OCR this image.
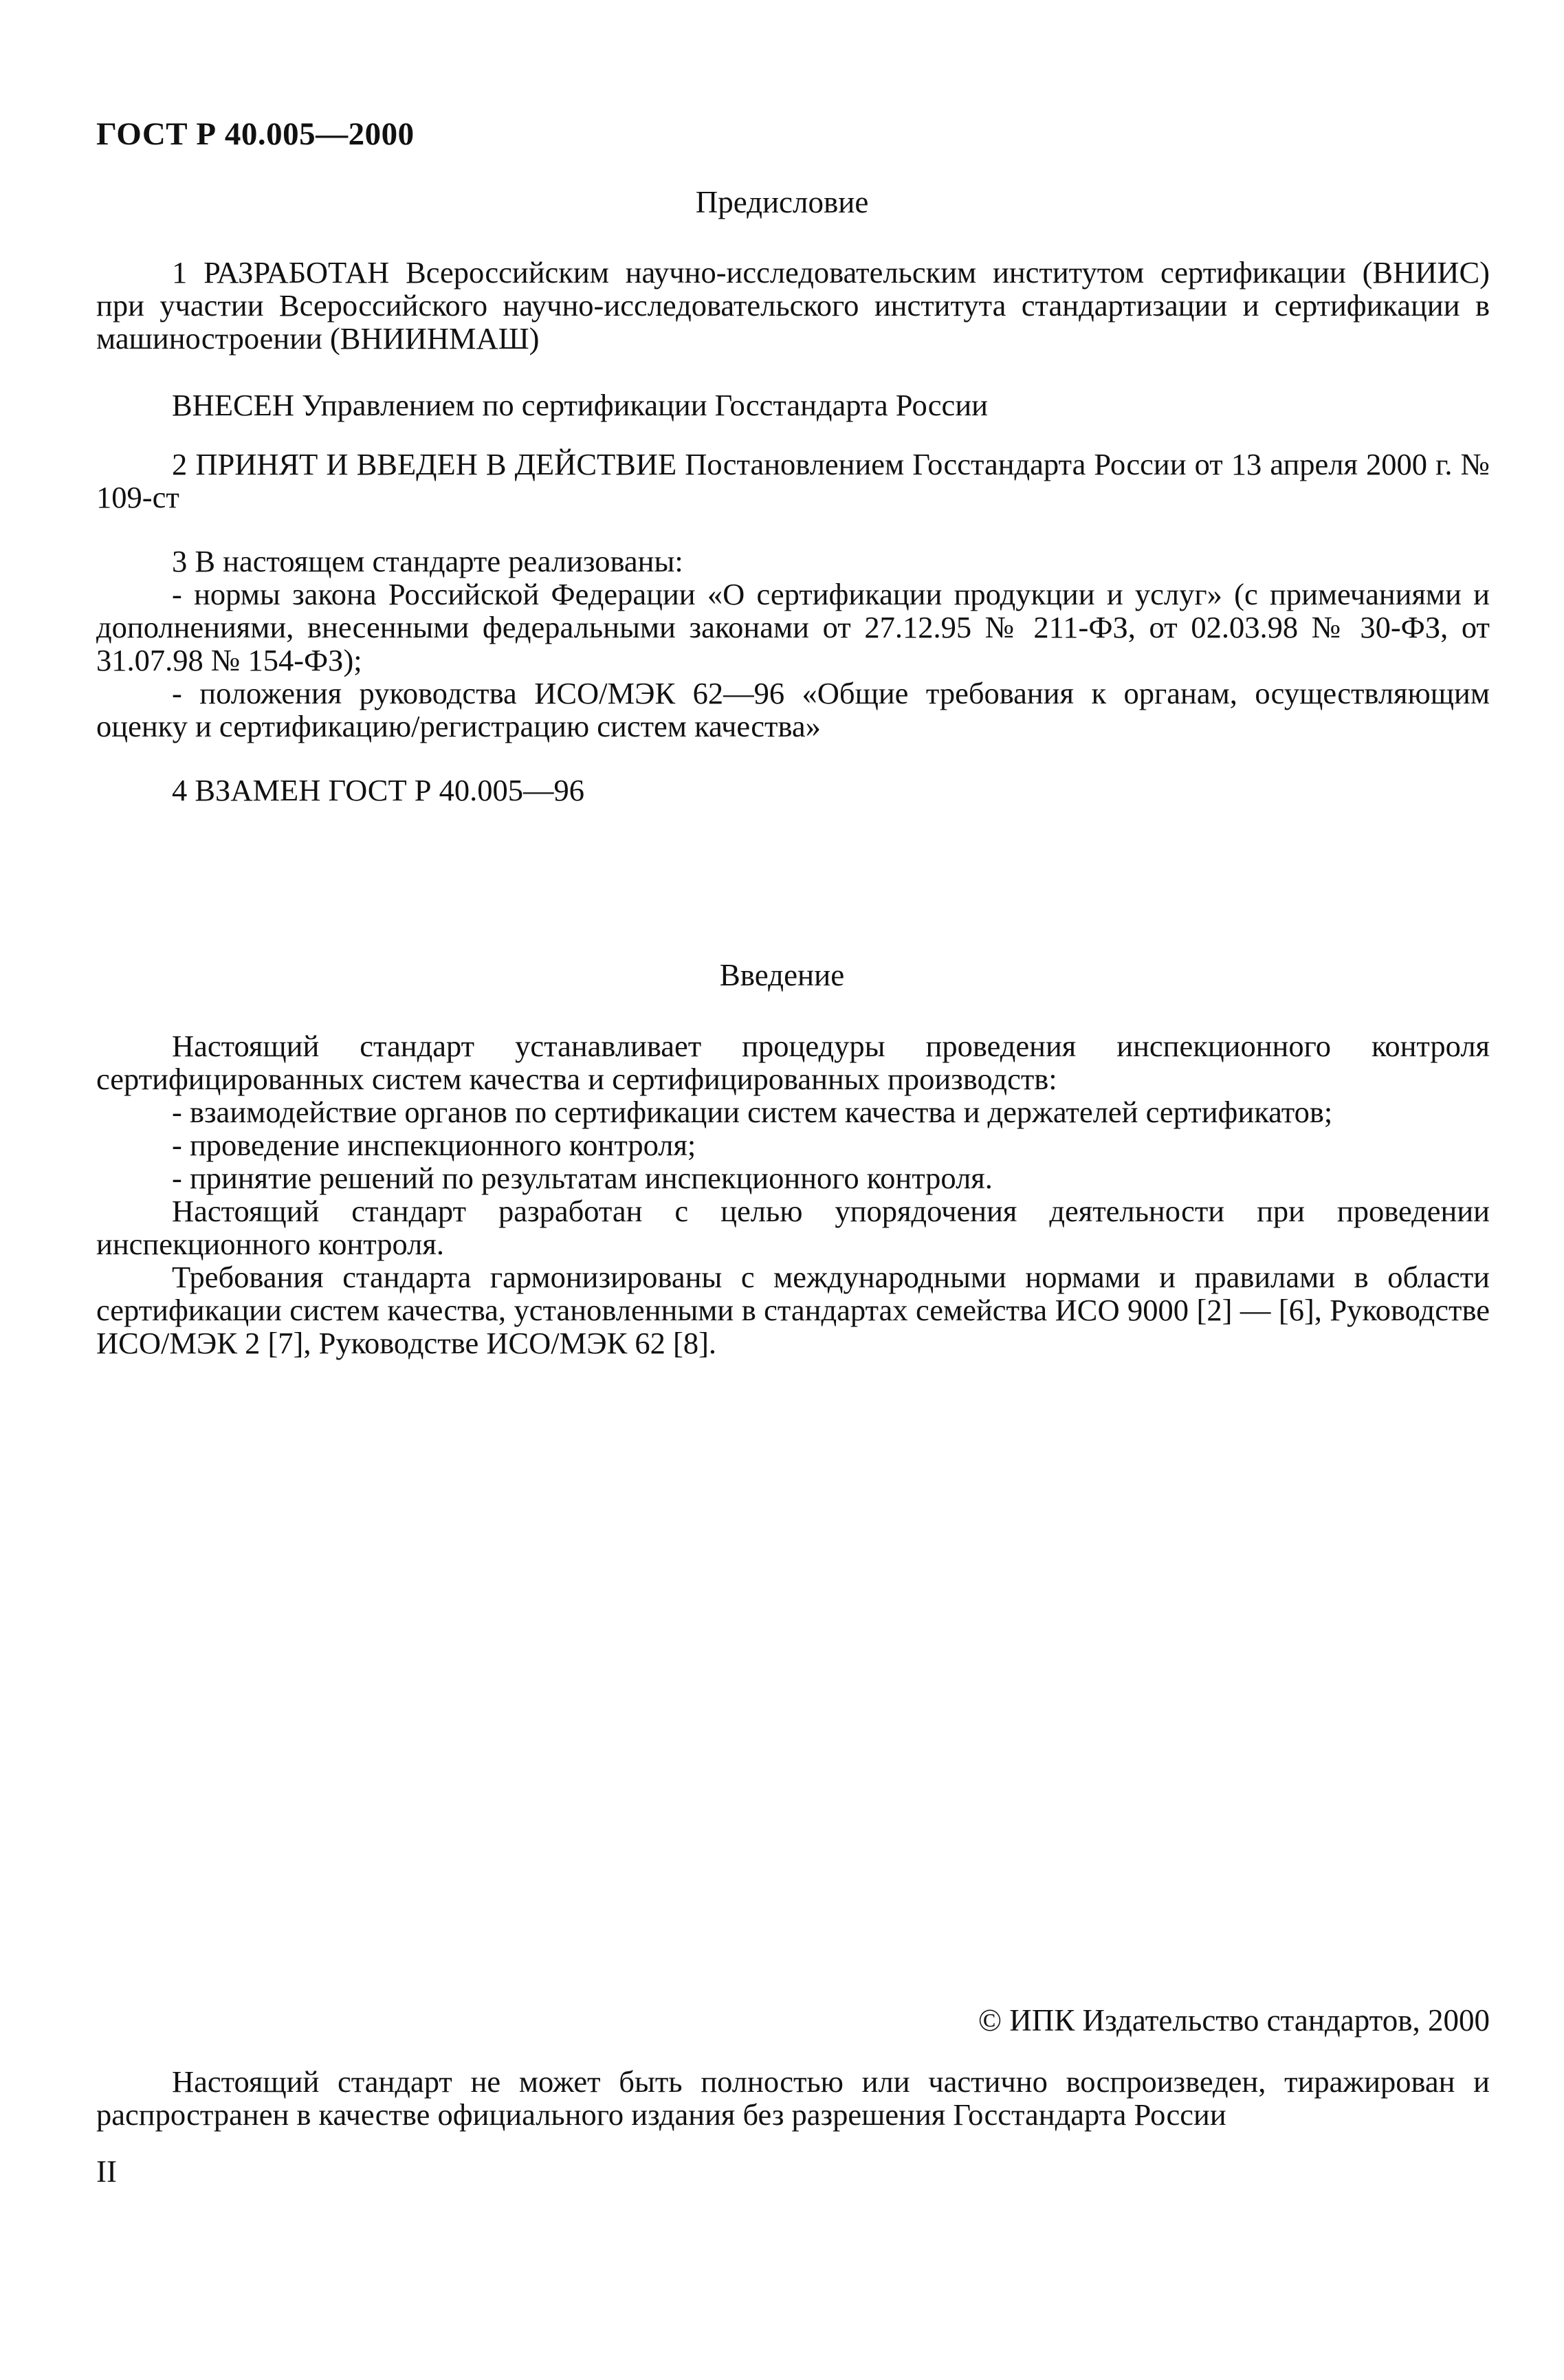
ГОСТ Р 40.005—2000
Предисловие

1 РАЗРАБОТАН Всероссийским научно-исследовательским институтом сертификации (ВНИИС) при участии Всероссийского научно-исследовательского института стандартизации и сертификации в машиностроении (ВНИИНМАШ)

ВНЕСЕН Управлением по сертификации Госстандарта России

2 ПРИНЯТ И ВВЕДЕН В ДЕЙСТВИЕ Постановлением Госстандарта России от 13 апреля 2000 г. № 109-ст

3 В настоящем стандарте реализованы:

- нормы закона Российской Федерации «О сертификации продукции и услуг» (с примечаниями и дополнениями, внесенными федеральными законами от 27.12.95 № 211-ФЗ, от 02.03.98 № 30-ФЗ, от 31.07.98 № 154-ФЗ);

- положения руководства ИСО/МЭК 62—96 «Общие требования к органам, осуществляющим оценку и сертификацию/регистрацию систем качества»

4 ВЗАМЕН ГОСТ Р 40.005—96

Введение

Настоящий стандарт устанавливает процедуры проведения инспекционного контроля сертифицированных систем качества и сертифицированных производств:

- взаимодействие органов по сертификации систем качества и держателей сертификатов;

- проведение инспекционного контроля;

- принятие решений по результатам инспекционного контроля.

Настоящий стандарт разработан с целью упорядочения деятельности при проведении инспекционного контроля.

Требования стандарта гармонизированы с международными нормами и правилами в области сертификации систем качества, установленными в стандартах семейства ИСО 9000 [2] — [6], Руководстве ИСО/МЭК 2 [7], Руководстве ИСО/МЭК 62 [8].

© ИПК Издательство стандартов, 2000

Настоящий стандарт не может быть полностью или частично воспроизведен, тиражирован и распространен в качестве официального издания без разрешения Госстандарта России

II
